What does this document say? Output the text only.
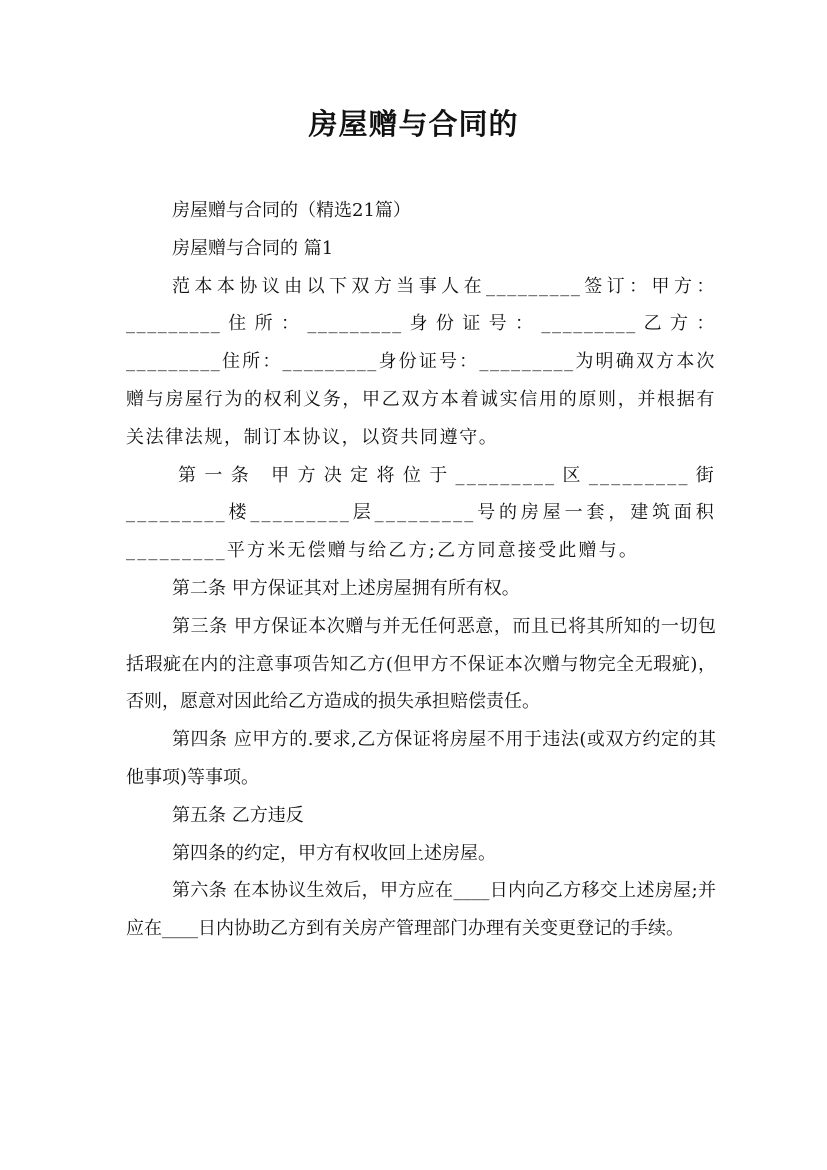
房屋赠与合同的

房屋赠与合同的（精选21篇）

房屋赠与合同的 篇1

范本本协议由以下双方当事人在_________签订：甲方：_________住所：_________身份证号：_________乙方：_________住所：_________身份证号：_________为明确双方本次赠与房屋行为的权利义务，甲乙双方本着诚实信用的原则，并根据有关法律法规，制订本协议，以资共同遵守。

第一条 甲方决定将位于_________区_________街_________楼_________层_________号的房屋一套，建筑面积_________平方米无偿赠与给乙方;乙方同意接受此赠与。

第二条 甲方保证其对上述房屋拥有所有权。

第三条 甲方保证本次赠与并无任何恶意，而且已将其所知的一切包括瑕疵在内的注意事项告知乙方(但甲方不保证本次赠与物完全无瑕疵)，否则，愿意对因此给乙方造成的损失承担赔偿责任。

第四条 应甲方的.要求,乙方保证将房屋不用于违法(或双方约定的其他事项)等事项。

第五条 乙方违反

第四条的约定，甲方有权收回上述房屋。

第六条 在本协议生效后，甲方应在____日内向乙方移交上述房屋;并应在____日内协助乙方到有关房产管理部门办理有关变更登记的手续。
